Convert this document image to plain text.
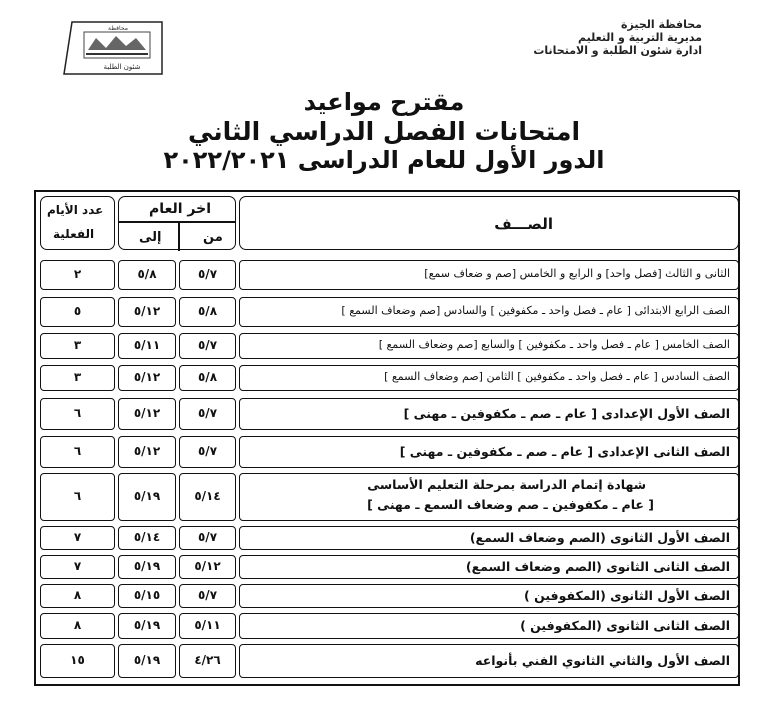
محافظة
شئون الطلبة
محافظة الجيزة
مديرية التربية و التعليم
ادارة شئون الطلبة و الامتحانات
مقترح مواعيد
امتحانات الفصل الدراسي الثاني
الدور الأول للعام الدراسى ٢٠٢٢/٢٠٢١
الصـــف
اخر العام
من
إلى
عدد الأيام
الفعلية
الثانى و الثالث [فصل واحد] و الرابع و الخامس [صم و ضعاف سمع]
٥/٧
٥/٨
٢
الصف الرابع الابتدائى [ عام ـ فصل واحد ـ مكفوفين ] والسادس [صم وضعاف السمع ]
٥/٨
٥/١٢
٥
الصف الخامس [ عام ـ فصل واحد ـ مكفوفين ] والسابع [صم وضعاف السمع ]
٥/٧
٥/١١
٣
الصف السادس [ عام ـ فصل واحد ـ مكفوفين ] الثامن [صم وضعاف السمع ]
٥/٨
٥/١٢
٣
الصف الأول الإعدادى [ عام ـ صم ـ مكفوفين ـ مهنى ]
٥/٧
٥/١٢
٦
الصف الثانى الإعدادى [ عام ـ صم ـ مكفوفين ـ مهنى ]
٥/٧
٥/١٢
٦
شهادة إتمام الدراسة بمرحلة التعليم الأساسى
[ عام ـ مكفوفين ـ صم وضعاف السمع ـ مهنى ]
٥/١٤
٥/١٩
٦
الصف الأول الثانوى (الصم وضعاف السمع)
٥/٧
٥/١٤
٧
الصف الثانى الثانوى (الصم وضعاف السمع)
٥/١٢
٥/١٩
٧
الصف الأول الثانوى (المكفوفين )
٥/٧
٥/١٥
٨
الصف الثانى الثانوى (المكفوفين )
٥/١١
٥/١٩
٨
الصف الأول والثاني الثانوي الفني بأنواعه
٤/٢٦
٥/١٩
١٥
